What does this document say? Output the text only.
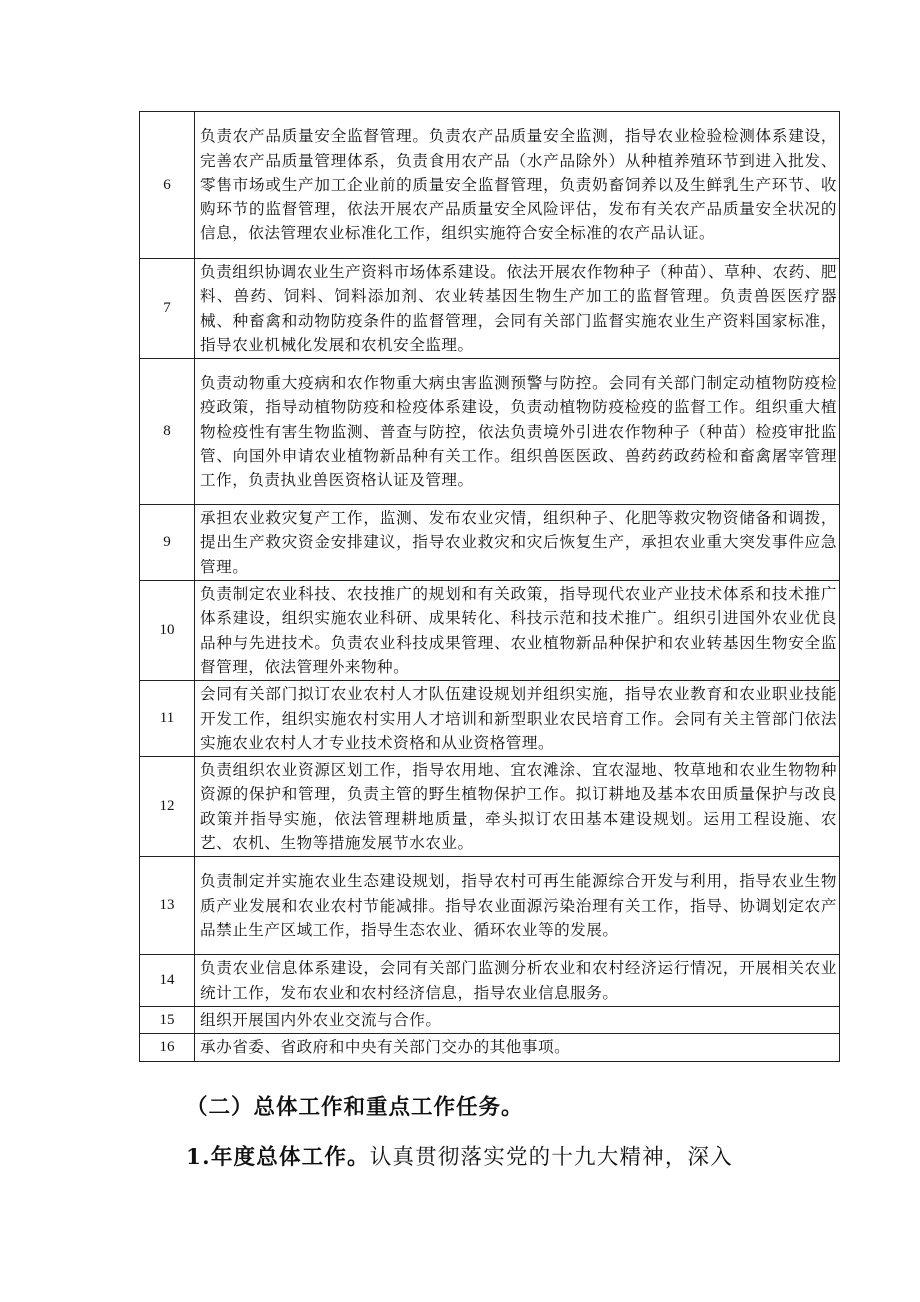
6	负责农产品质量安全监督管理。负责农产品质量安全监测，指导农业检验检测体系建设，完善农产品质量管理体系，负责食用农产品（水产品除外）从种植养殖环节到进入批发、零售市场或生产加工企业前的质量安全监督管理，负责奶畜饲养以及生鲜乳生产环节、收购环节的监督管理，依法开展农产品质量安全风险评估，发布有关农产品质量安全状况的信息，依法管理农业标准化工作，组织实施符合安全标准的农产品认证。
7	负责组织协调农业生产资料市场体系建设。依法开展农作物种子（种苗）、草种、农药、肥料、兽药、饲料、饲料添加剂、农业转基因生物生产加工的监督管理。负责兽医医疗器械、种畜禽和动物防疫条件的监督管理，会同有关部门监督实施农业生产资料国家标准，指导农业机械化发展和农机安全监理。
8	负责动物重大疫病和农作物重大病虫害监测预警与防控。会同有关部门制定动植物防疫检疫政策，指导动植物防疫和检疫体系建设，负责动植物防疫检疫的监督工作。组织重大植物检疫性有害生物监测、普查与防控，依法负责境外引进农作物种子（种苗）检疫审批监管、向国外申请农业植物新品种有关工作。组织兽医医政、兽药药政药检和畜禽屠宰管理工作，负责执业兽医资格认证及管理。
9	承担农业救灾复产工作，监测、发布农业灾情，组织种子、化肥等救灾物资储备和调拨，提出生产救灾资金安排建议，指导农业救灾和灾后恢复生产，承担农业重大突发事件应急管理。
10	负责制定农业科技、农技推广的规划和有关政策，指导现代农业产业技术体系和技术推广体系建设，组织实施农业科研、成果转化、科技示范和技术推广。组织引进国外农业优良品种与先进技术。负责农业科技成果管理、农业植物新品种保护和农业转基因生物安全监督管理，依法管理外来物种。
11	会同有关部门拟订农业农村人才队伍建设规划并组织实施，指导农业教育和农业职业技能开发工作，组织实施农村实用人才培训和新型职业农民培育工作。会同有关主管部门依法实施农业农村人才专业技术资格和从业资格管理。
12	负责组织农业资源区划工作，指导农用地、宜农滩涂、宜农湿地、牧草地和农业生物物种资源的保护和管理，负责主管的野生植物保护工作。拟订耕地及基本农田质量保护与改良政策并指导实施，依法管理耕地质量，牵头拟订农田基本建设规划。运用工程设施、农艺、农机、生物等措施发展节水农业。
13	负责制定并实施农业生态建设规划，指导农村可再生能源综合开发与利用，指导农业生物质产业发展和农业农村节能减排。指导农业面源污染治理有关工作，指导、协调划定农产品禁止生产区域工作，指导生态农业、循环农业等的发展。
14	负责农业信息体系建设，会同有关部门监测分析农业和农村经济运行情况，开展相关农业统计工作，发布农业和农村经济信息，指导农业信息服务。
15	组织开展国内外农业交流与合作。
16	承办省委、省政府和中央有关部门交办的其他事项。
（二）总体工作和重点工作任务。
1.年度总体工作。认真贯彻落实党的十九大精神，深入
